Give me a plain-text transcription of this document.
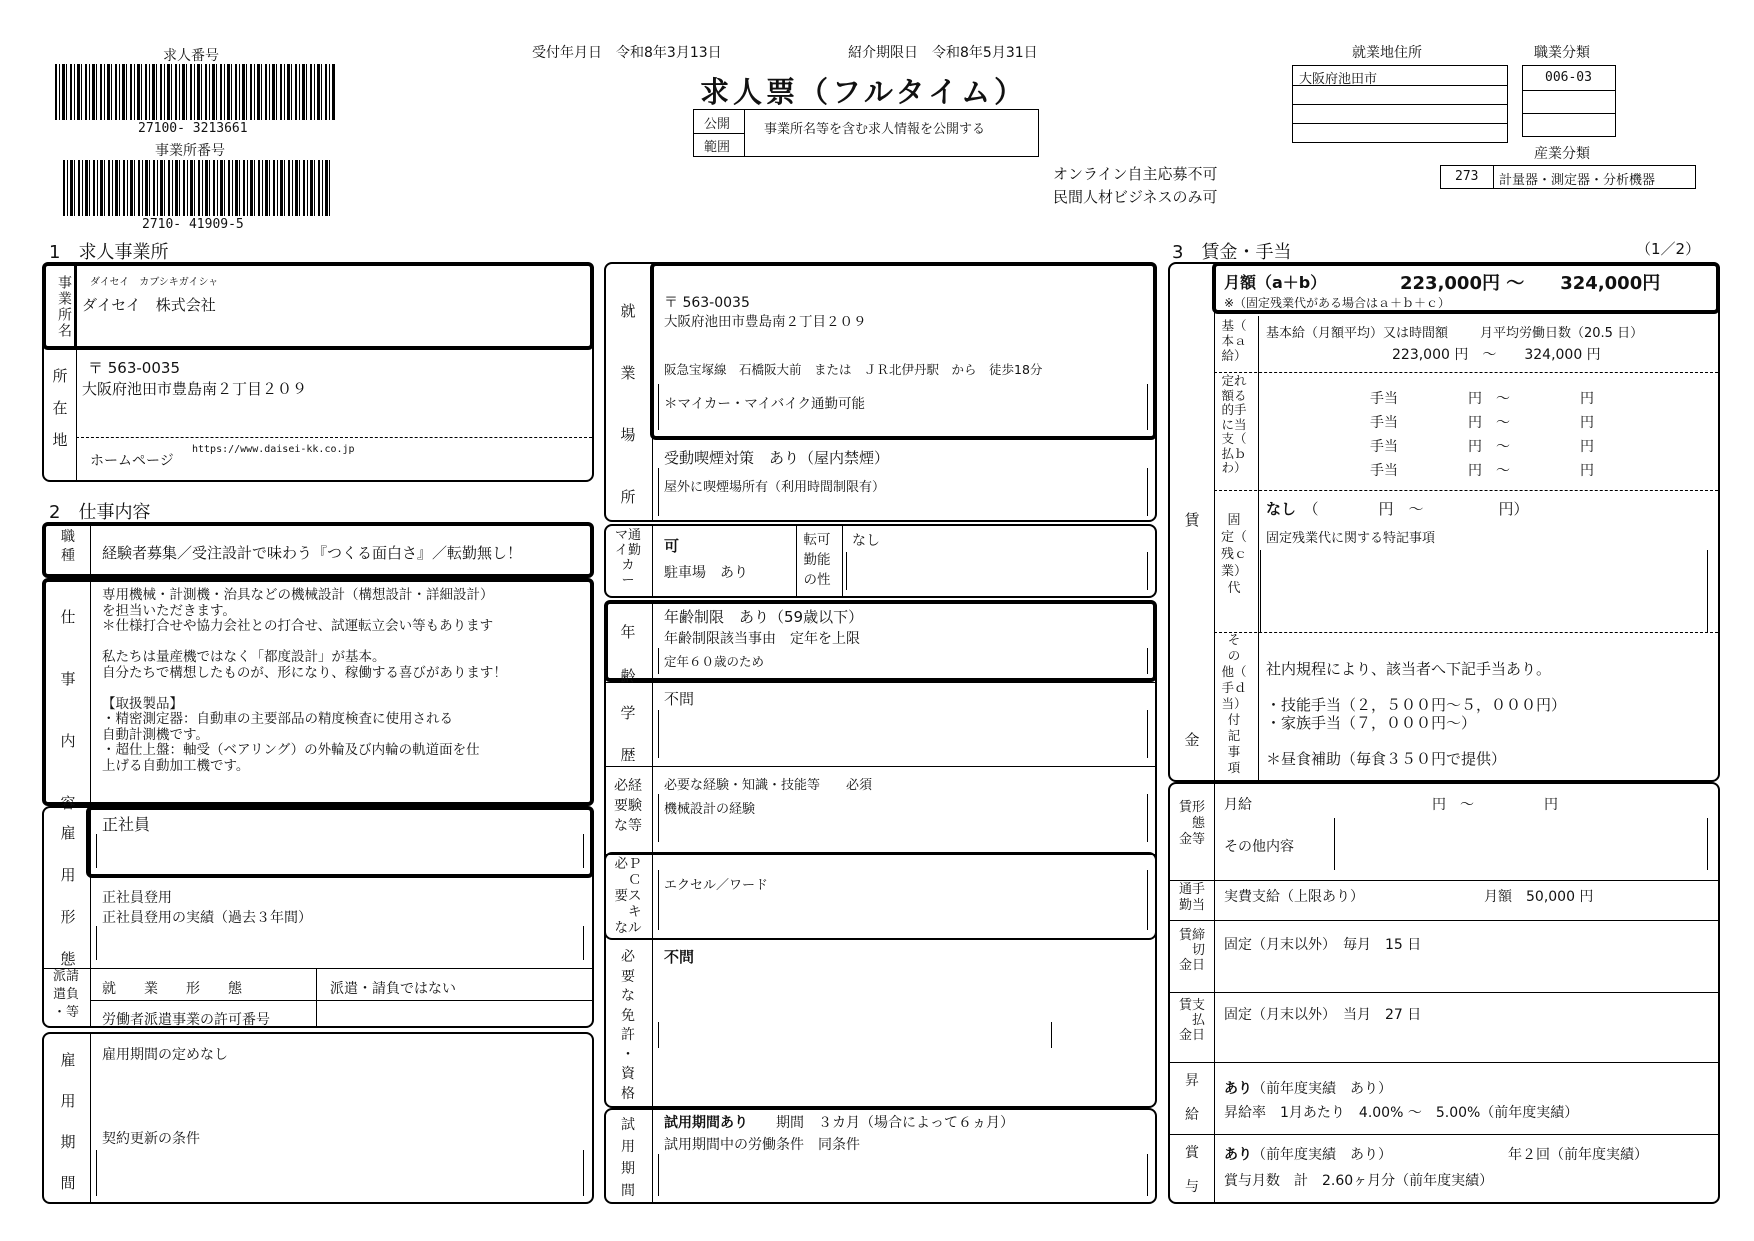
求人番号
27100- 3213661
事業所番号
2710- 41909-5
受付年月日　 令和8年3月13日	紹介期限日　 令和8年5月31日
求人票（フルタイム）
公開
範囲
事業所名等を含む求人情報を公開する
オンライン自主応募不可
民間人材ビジネスのみ可
就業地住所
大阪府池田市
職業分類
006-03
産業分類
273 計量器・測定器・分析機器
1　求人事業所
事業所名 ダイセイ　カブシキガイシャ
ダイセイ　株式会社
所
在
地
〒 563-0035
大阪府池田市豊島南２丁目２０９
ホームページ
https://www.daisei-kk.co.jp
2　仕事内容
職
種	経験者募集／受注設計で味わう『つくる面白さ』／転勤無し！
仕
事
内
容
専用機械・計測機・治具などの機械設計（構想設計・詳細設計）
を担当いただきます。
＊仕様打合せや協力会社との打合せ、試運転立会い等もあります

私たちは量産機ではなく「都度設計」が基本。
自分たちで構想したものが、形になり、稼働する喜びがあります！

【取扱製品】
・精密測定器：自動車の主要部品の精度検査に使用される
自動計測機です。
・超仕上盤：軸受（ベアリング）の外輪及び内輪の軌道面を仕
上げる自動加工機です。
雇
用
形
態
正社員
正社員登用
正社員登用の実績（過去３年間）
派請
遣負
・等
就　　業　　形　　態	派遣・請負ではない
労働者派遣事業の許可番号
雇
用
期
間
雇用期間の定めなし
契約更新の条件
就
業
場
所
〒 563-0035
大阪府池田市豊島南２丁目２０９
阪急宝塚線　石橋阪大前　または　ＪＲ北伊丹駅　から　徒歩18分
＊マイカー・マイバイク通勤可能
受動喫煙対策　あり（屋内禁煙）
屋外に喫煙場所有（利用時間制限有）
マ通
イ勤
カ
ー
可
駐車場　あり
転可
勤能
の性
なし
年
齢
年齢制限　あり（59歳以下）
年齢制限該当事由　定年を上限
定年６０歳のため
学
歴
不問
必経
要験
な等
必要な経験・知識・技能等　　 必須
機械設計の経験
必Ｐ
　Ｃ
要ス
　キ
なル
エクセル／ワード
必
要
な
免
許
・
資
格
不問
試
用
期
間
試用期間あり　　 期間　３カ月（場合によって６ヵ月）
試用期間中の労働条件　同条件
3　賃金・手当	（1／2）
月額（a＋b）	223,000円 〜　　324,000円
※（固定残業代がある場合はａ＋ｂ＋ｃ）
賃
金
基（
本ａ
給）
基本給（月額平均）又は時間額 月平均労働日数（20.5 日）
223,000 円　〜　　324,000 円
定れ
額る
的手
に当
支（
払ｂ
わ）
手当　　　　　円　〜　　　　　円
手当　　　　　円　〜　　　　　円
手当　　　　　円　〜　　　　　円
手当　　　　　円　〜　　　　　円
固
定（
残ｃ
業）
代
なし　 （　　　　円　〜　　　　　円）
固定残業代に関する特記事項
そ
の
他（
手ｄ
当）
付
記
事
項
社内規程により、該当者へ下記手当あり。

・技能手当（２，５００円〜５，０００円）
・家族手当（７，０００円〜）

＊昼食補助（毎食３５０円で提供）
賃形
　態
金等
月給	円　〜　　　　　円
その他内容
通手
勤当
実費支給（上限あり）	月額　50,000 円
賃締
　切
金日
固定（月末以外）　毎月　15 日
賃支
　払
金日
固定（月末以外）　当月　27 日
昇
給
あり（前年度実績　あり）
昇給率　1月あたり　4.00% 〜　5.00%（前年度実績）
賞
与
あり（前年度実績　あり）	年２回（前年度実績）
賞与月数　計　2.60ヶ月分（前年度実績）
